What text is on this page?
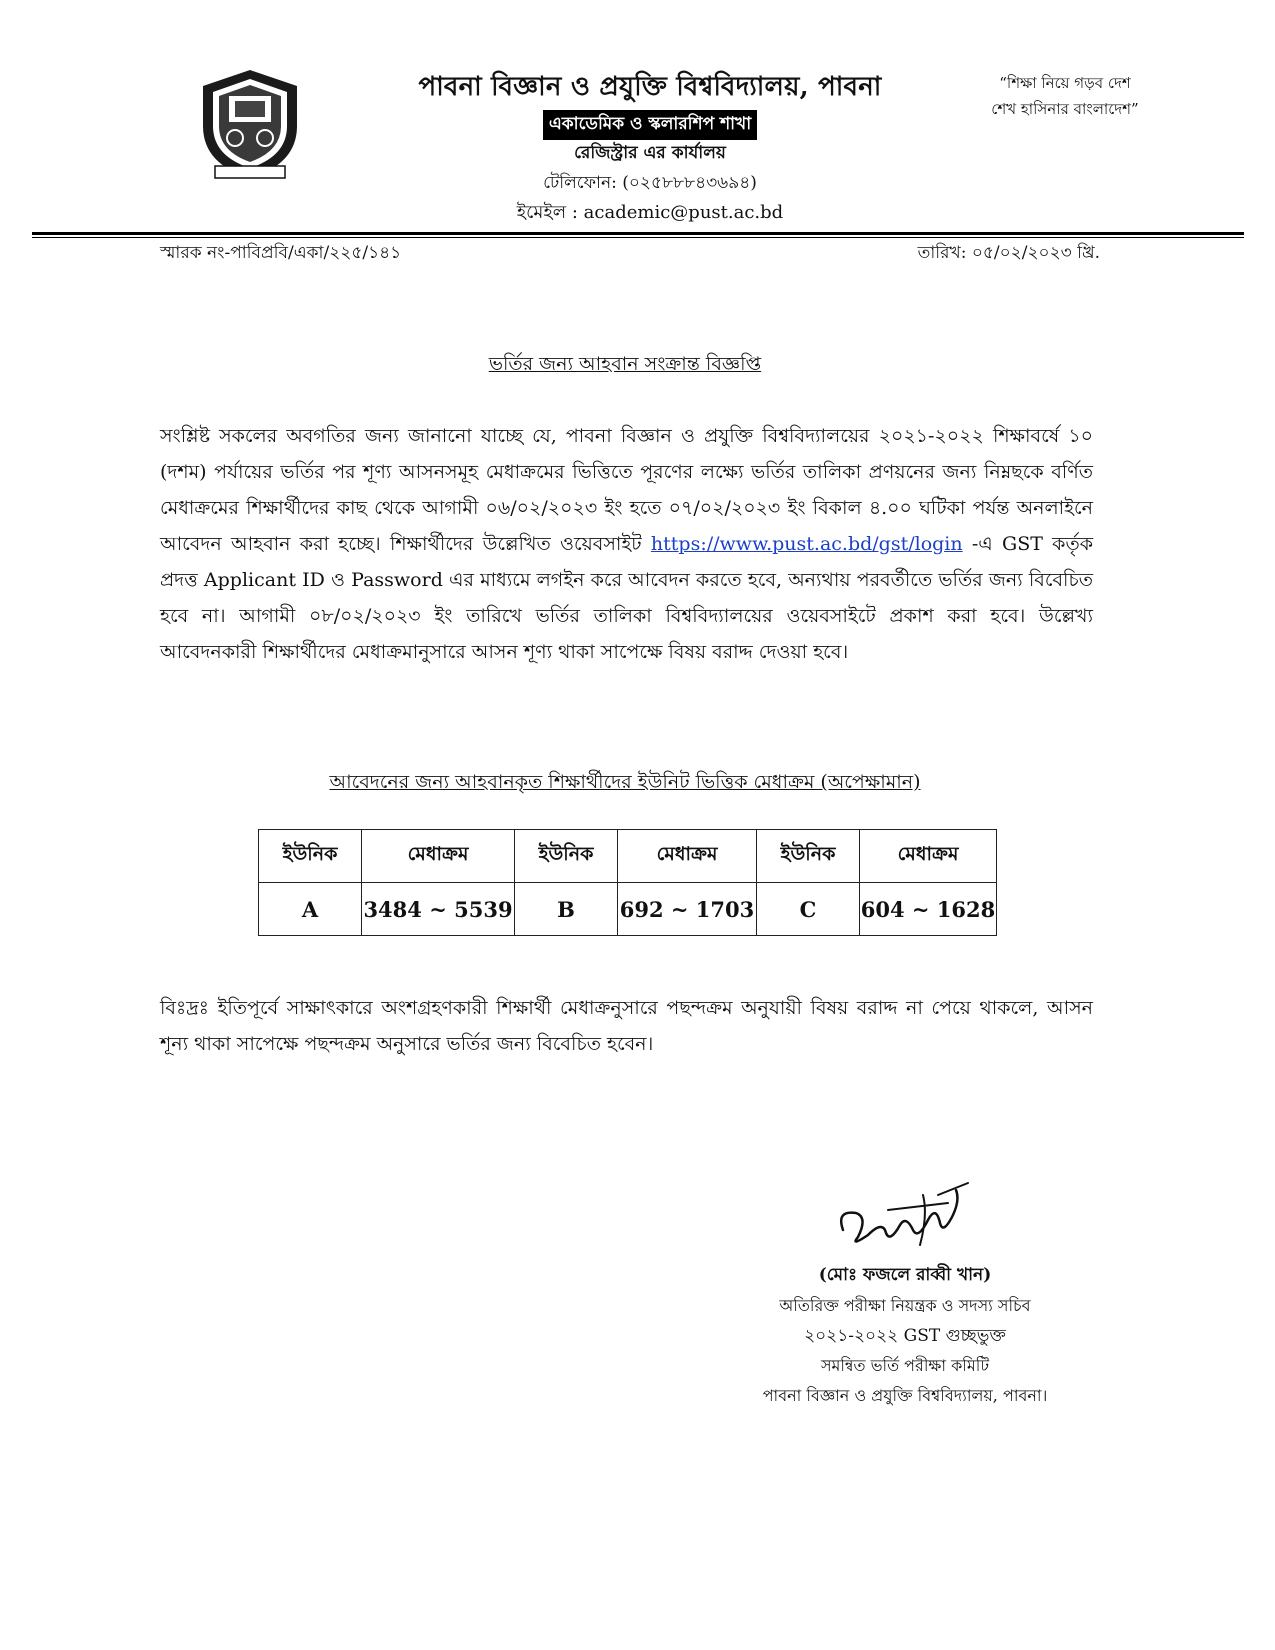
পাবনা বিজ্ঞান ও প্রযুক্তি বিশ্ববিদ্যালয়, পাবনা
একাডেমিক ও স্কলারশিপ শাখা
রেজিস্ট্রার এর কার্যালয়
টেলিফোন: (০২৫৮৮৮৪৩৬৯৪)
ইমেইল : academic@pust.ac.bd
“শিক্ষা নিয়ে গড়ব দেশ
শেখ হাসিনার বাংলাদেশ”
স্মারক নং-পাবিপ্রবি/একা/২২৫/১৪১	তারিখ: ০৫/০২/২০২৩ খ্রি.
ভর্তির জন্য আহবান সংক্রান্ত বিজ্ঞপ্তি
সংশ্লিষ্ট সকলের অবগতির জন্য জানানো যাচ্ছে যে, পাবনা বিজ্ঞান ও প্রযুক্তি বিশ্ববিদ্যালয়ের ২০২১-২০২২ শিক্ষাবর্ষে ১০ (দশম) পর্যায়ের ভর্তির পর শূণ্য আসনসমূহ মেধাক্রমের ভিত্তিতে পূরণের লক্ষ্যে ভর্তির তালিকা প্রণয়নের জন্য নিম্নছকে বর্ণিত মেধাক্রমের শিক্ষার্থীদের কাছ থেকে আগামী ০৬/০২/২০২৩ ইং হতে ০৭/০২/২০২৩ ইং বিকাল ৪.০০ ঘটিকা পর্যন্ত অনলাইনে আবেদন আহবান করা হচ্ছে। শিক্ষার্থীদের উল্লেখিত ওয়েবসাইট https://www.pust.ac.bd/gst/login -এ GST কর্তৃক প্রদত্ত Applicant ID ও Password এর মাধ্যমে লগইন করে আবেদন করতে হবে, অন্যথায় পরবর্তীতে ভর্তির জন্য বিবেচিত হবে না। আগামী ০৮/০২/২০২৩ ইং তারিখে ভর্তির তালিকা বিশ্ববিদ্যালয়ের ওয়েবসাইটে প্রকাশ করা হবে। উল্লেখ্য আবেদনকারী শিক্ষার্থীদের মেধাক্রমানুসারে আসন শূণ্য থাকা সাপেক্ষে বিষয় বরাদ্দ দেওয়া হবে।
আবেদনের জন্য আহবানকৃত শিক্ষার্থীদের ইউনিট ভিত্তিক মেধাক্রম (অপেক্ষামান)
ইউনিক	মেধাক্রম	ইউনিক	মেধাক্রম	ইউনিক	মেধাক্রম
A	3484 ~ 5539	B	692 ~ 1703	C	604 ~ 1628
বিঃদ্রঃ ইতিপূর্বে সাক্ষাৎকারে অংশগ্রহণকারী শিক্ষার্থী মেধাক্রনুসারে পছন্দক্রম অনুযায়ী বিষয় বরাদ্দ না পেয়ে থাকলে, আসন শূন্য থাকা সাপেক্ষে পছন্দক্রম অনুসারে ভর্তির জন্য বিবেচিত হবেন।
(মোঃ ফজলে রাব্বী খান)
অতিরিক্ত পরীক্ষা নিয়ন্ত্রক ও সদস্য সচিব
২০২১-২০২২ GST গুচ্ছভুক্ত
সমন্বিত ভর্তি পরীক্ষা কমিটি
পাবনা বিজ্ঞান ও প্রযুক্তি বিশ্ববিদ্যালয়, পাবনা।
